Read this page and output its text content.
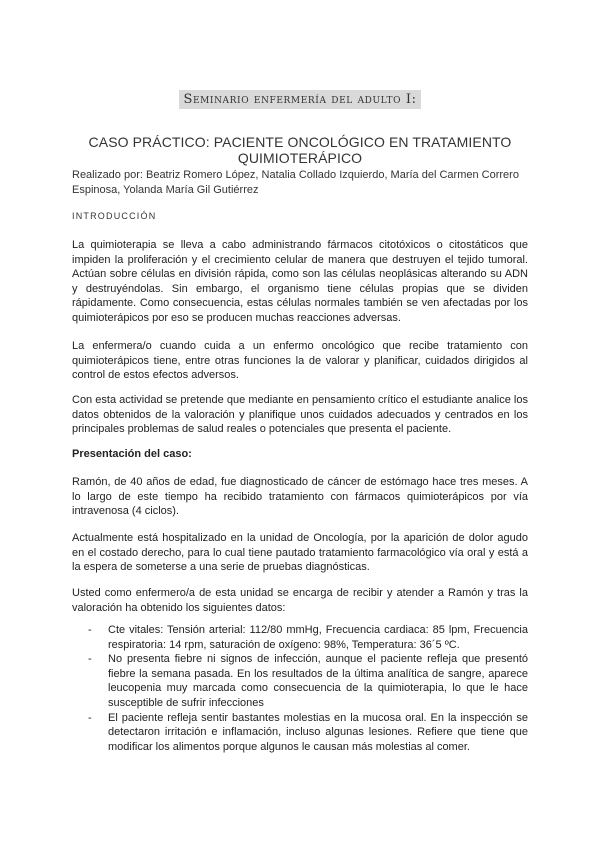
Seminario enfermería del adulto I:
CASO PRÁCTICO: PACIENTE ONCOLÓGICO EN TRATAMIENTO QUIMIOTERÁPICO
Realizado por: Beatriz Romero López, Natalia Collado Izquierdo, María del Carmen Correro Espinosa, Yolanda María Gil Gutiérrez
INTRODUCCIÓN

La quimioterapia se lleva a cabo administrando fármacos citotóxicos o citostáticos que impiden la proliferación y el crecimiento celular de manera que destruyen el tejido tumoral. Actúan sobre células en división rápida, como son las células neoplásicas alterando su ADN y destruyéndolas. Sin embargo, el organismo tiene células propias que se dividen rápidamente. Como consecuencia, estas células normales también se ven afectadas por los quimioterápicos por eso se producen muchas reacciones adversas.

La enfermera/o cuando cuida a un enfermo oncológico que recibe tratamiento con quimioterápicos tiene, entre otras funciones la de valorar y planificar, cuidados dirigidos al control de estos efectos adversos.

Con esta actividad se pretende que mediante en pensamiento crítico el estudiante analice los datos obtenidos de la valoración y planifique unos cuidados adecuados y centrados en los principales problemas de salud reales o potenciales que presenta el paciente.

Presentación del caso:

Ramón, de 40 años de edad, fue diagnosticado de cáncer de estómago hace tres meses. A lo largo de este tiempo ha recibido tratamiento con fármacos quimioterápicos por vía intravenosa (4 ciclos).

Actualmente está hospitalizado en la unidad de Oncología, por la aparición de dolor agudo en el costado derecho, para lo cual tiene pautado tratamiento farmacológico vía oral y está a la espera de someterse a una serie de pruebas diagnósticas.

Usted como enfermero/a de esta unidad se encarga de recibir y atender a Ramón y tras la valoración ha obtenido los siguientes datos:

- Cte vitales: Tensión arterial: 112/80 mmHg, Frecuencia cardiaca: 85 lpm, Frecuencia respiratoria: 14 rpm, saturación de oxígeno: 98%, Temperatura: 36´5 ºC.
- No presenta fiebre ni signos de infección, aunque el paciente refleja que presentó fiebre la semana pasada. En los resultados de la última analítica de sangre, aparece leucopenia muy marcada como consecuencia de la quimioterapia, lo que le hace susceptible de sufrir infecciones
- El paciente refleja sentir bastantes molestias en la mucosa oral. En la inspección se detectaron irritación e inflamación, incluso algunas lesiones. Refiere que tiene que modificar los alimentos porque algunos le causan más molestias al comer.
